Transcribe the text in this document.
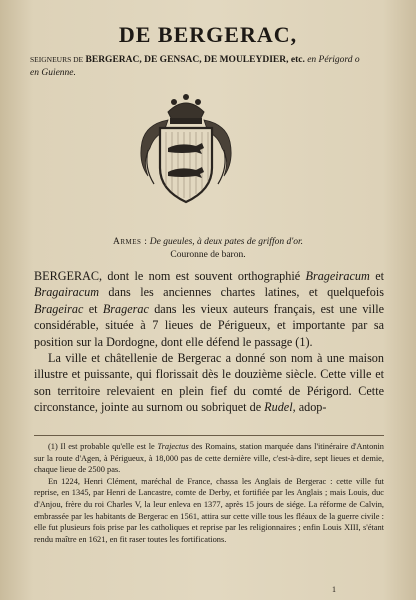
DE BERGERAC,
SEIGNEURS DE BERGERAC, DE GENSAC, DE MOULEYDIER, etc. en Périgord o
en Guienne.
Armes : De gueules, à deux pates de griffon d'or.
Couronne de baron.

BERGERAC, dont le nom est souvent orthographié Brageiracum et Bragairacum dans les anciennes chartes latines, et quelquefois Brageirac et Bragerac dans les vieux auteurs français, est une ville considérable, située à 7 lieues de Périgueux, et importante par sa position sur la Dordogne, dont elle défend le passage (1).

La ville et châtellenie de Bergerac a donné son nom à une maison illustre et puissante, qui florissait dès le douzième siècle. Cette ville et son territoire relevaient en plein fief du comté de Périgord. Cette circonstance, jointe au surnom ou sobriquet de Rudel, adop-

(1) Il est probable qu'elle est le Trajectus des Romains, station marquée dans l'itinéraire d'Antonin sur la route d'Agen, à Périgueux, à 18,000 pas de cette dernière ville, c'est-à-dire, sept lieues et demie, chaque lieue de 2500 pas.

En 1224, Henri Clément, maréchal de France, chassa les Anglais de Bergerac : cette ville fut reprise, en 1345, par Henri de Lancastre, comte de Derby, et fortifiée par les Anglais ; mais Louis, duc d'Anjou, frère du roi Charles V, la leur enleva en 1377, après 15 jours de siége. La réforme de Calvin, embrassée par les habitants de Bergerac en 1561, attira sur cette ville tous les fléaux de la guerre civile : elle fut plusieurs fois prise par les catholiques et reprise par les religionnaires ; enfin Louis XIII, s'étant rendu maître en 1621, en fit raser toutes les fortifications.

1
